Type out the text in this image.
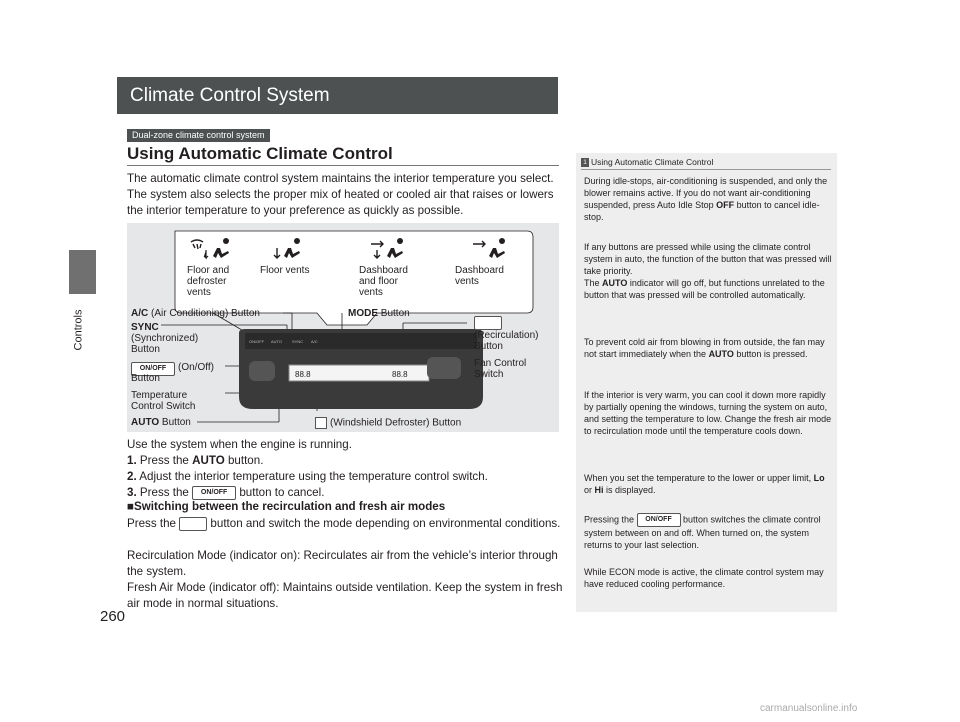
Controls
260
Climate Control System
Dual-zone climate control system
Using Automatic Climate Control
The automatic climate control system maintains the interior temperature you select. The system also selects the proper mix of heated or cooled air that raises or lowers the interior temperature to your preference as quickly as possible.
Floor and defroster vents
Floor vents	Dashboard and floor vents
Dashboard vents
ON/OFF AUTO SYNC A/C
88.8	88.8
A/C (Air Conditioning) Button	MODE Button
SYNC
(Synchronized) Button
(Recirculation) Button
ON/OFF	(On/Off) Button
Fan Control Switch
Temperature Control Switch
AUTO Button	(Windshield Defroster) Button
Use the system when the engine is running.
1. Press the AUTO button.
2. Adjust the interior temperature using the temperature control switch.
3. Press the ON/OFF button to cancel.
■Switching between the recirculation and fresh air modes
Press the  button and switch the mode depending on environmental conditions.
Recirculation Mode (indicator on): Recirculates air from the vehicle’s interior through the system.
Fresh Air Mode (indicator off): Maintains outside ventilation. Keep the system in fresh air mode in normal situations.
1 Using Automatic Climate Control
During idle-stops, air-conditioning is suspended, and only the blower remains active. If you do not want air-conditioning suspended, press Auto Idle Stop OFF button to cancel idle-stop.
If any buttons are pressed while using the climate control system in auto, the function of the button that was pressed will take priority.
The AUTO indicator will go off, but functions unrelated to the button that was pressed will be controlled automatically.
To prevent cold air from blowing in from outside, the fan may not start immediately when the AUTO button is pressed.
If the interior is very warm, you can cool it down more rapidly by partially opening the windows, turning the system on auto, and setting the temperature to low. Change the fresh air mode to recirculation mode until the temperature cools down.
When you set the temperature to the lower or upper limit, Lo or Hi is displayed.
Pressing the ON/OFF button switches the climate control system between on and off. When turned on, the system returns to your last selection.
While ECON mode is active, the climate control system may have reduced cooling performance.
carmanualsonline.info
